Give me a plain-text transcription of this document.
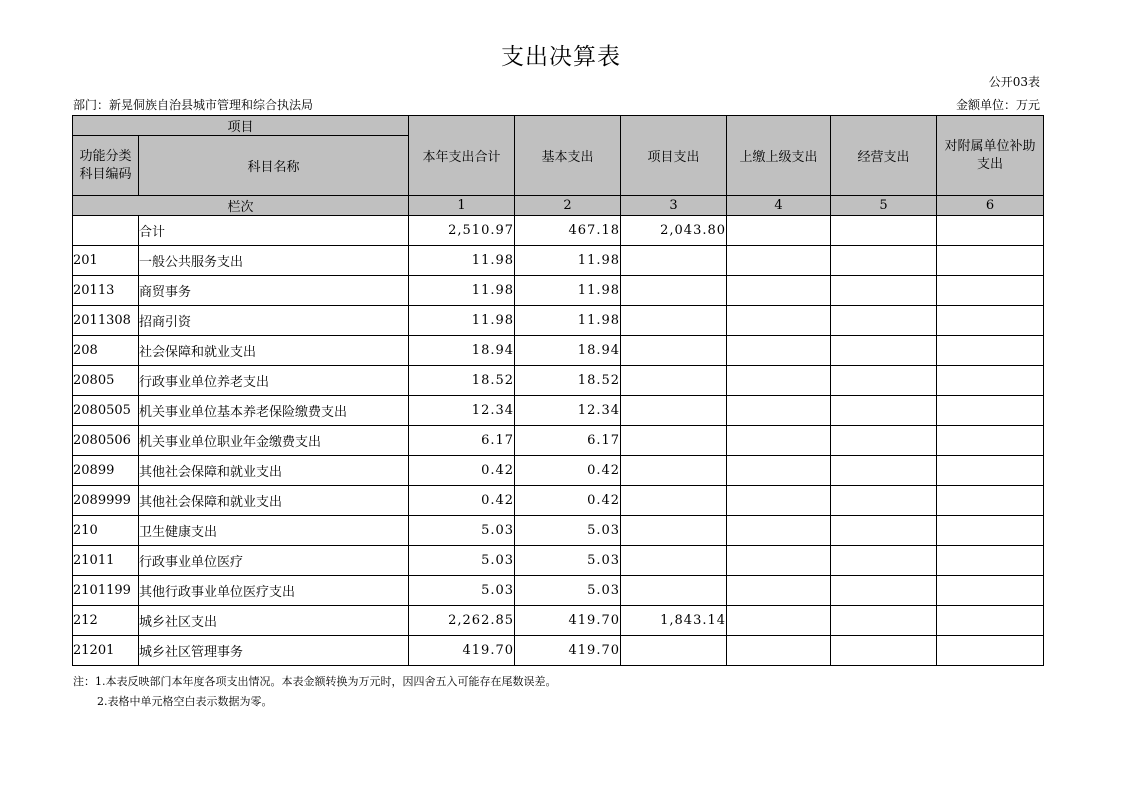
支出决算表
公开03表
部门：新晃侗族自治县城市管理和综合执法局	金额单位：万元
项目		本年支出合计	基本支出	项目支出	上缴上级支出	经营支出	对附属单位补助支出
功能分类科目编码	科目名称						
栏次		1	2	3	4	5	6
	合计	2,510.97	467.18	2,043.80			
201	一般公共服务支出	11.98	11.98				
20113	商贸事务	11.98	11.98				
2011308	招商引资	11.98	11.98				
208	社会保障和就业支出	18.94	18.94				
20805	行政事业单位养老支出	18.52	18.52				
2080505	机关事业单位基本养老保险缴费支出	12.34	12.34				
2080506	机关事业单位职业年金缴费支出	6.17	6.17				
20899	其他社会保障和就业支出	0.42	0.42				
2089999	其他社会保障和就业支出	0.42	0.42				
210	卫生健康支出	5.03	5.03				
21011	行政事业单位医疗	5.03	5.03				
2101199	其他行政事业单位医疗支出	5.03	5.03				
212	城乡社区支出	2,262.85	419.70	1,843.14			
21201	城乡社区管理事务	419.70	419.70				
注：1.本表反映部门本年度各项支出情况。本表金额转换为万元时，因四舍五入可能存在尾数误差。
2.表格中单元格空白表示数据为零。
